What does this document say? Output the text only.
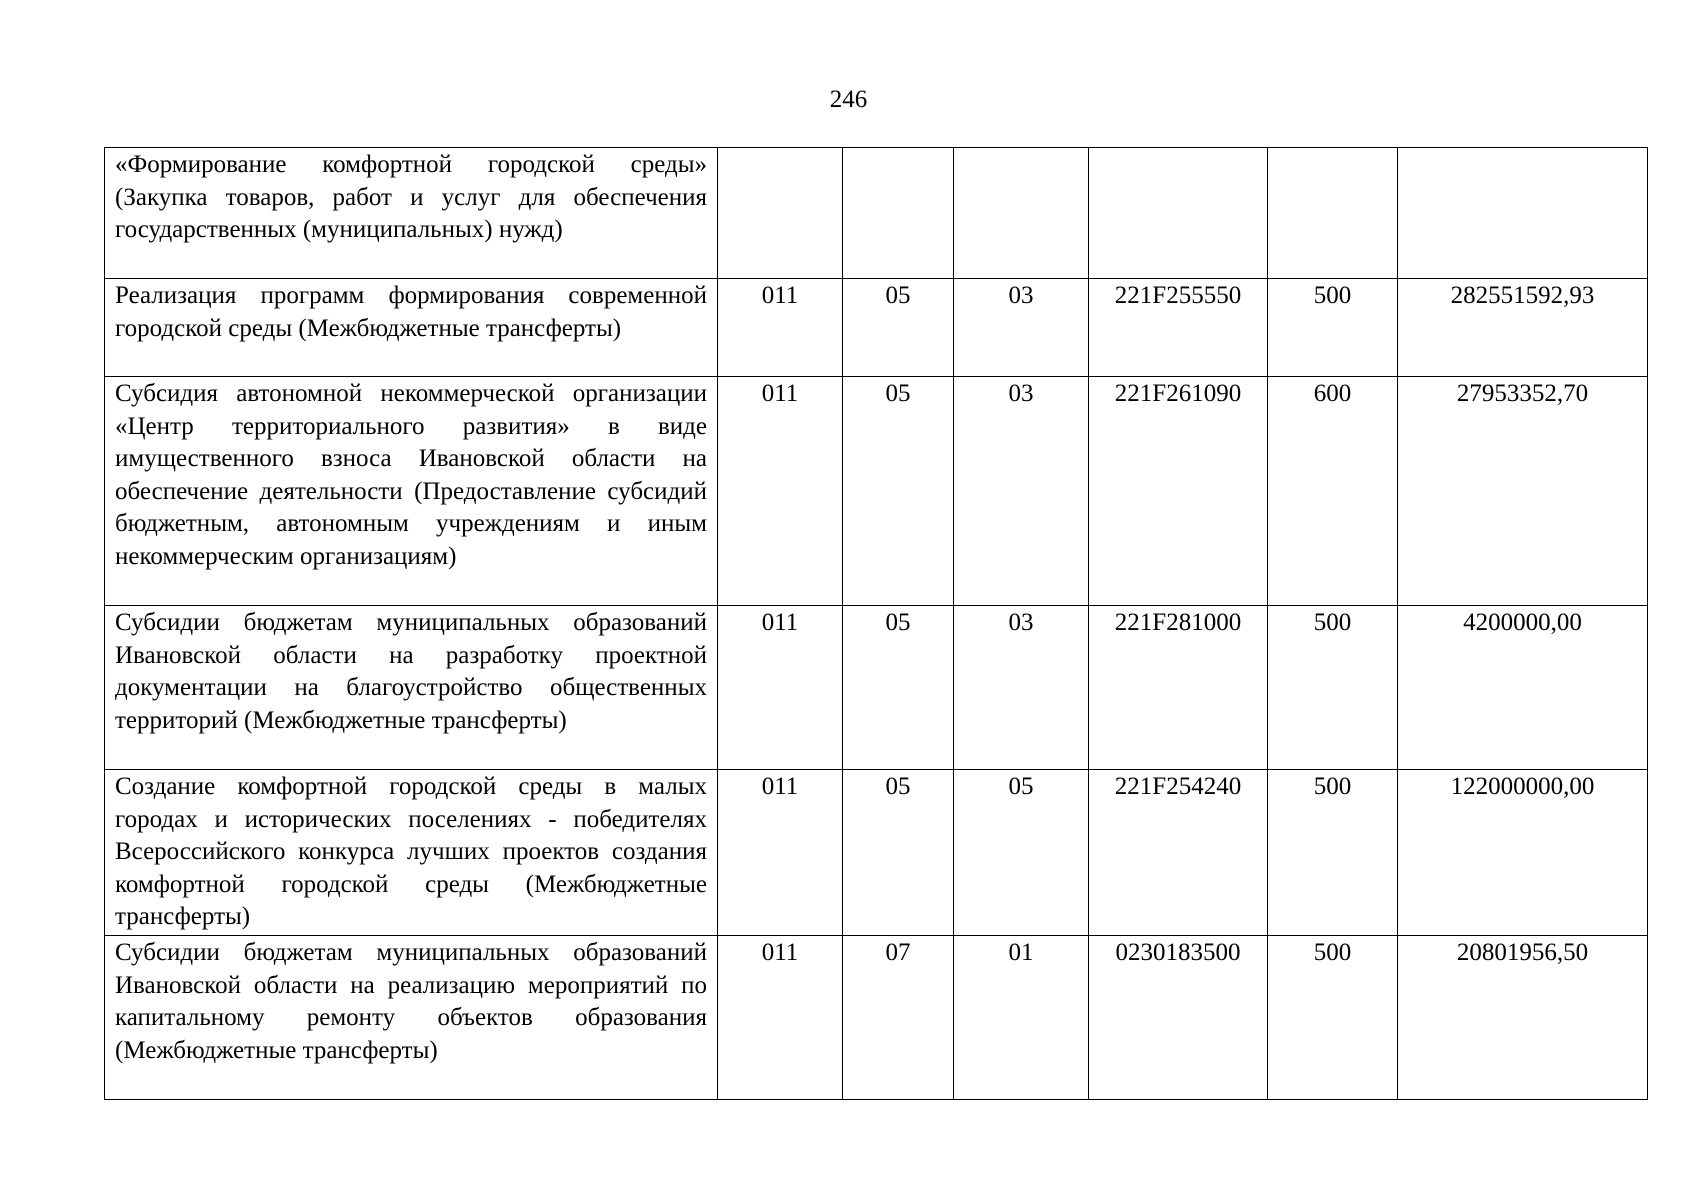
246
«Формирование комфортной городской среды» (Закупка товаров, работ и услуг для обеспечения государственных (муниципальных) нужд)						
Реализация программ формирования современной городской среды (Межбюджетные трансферты)	011	05	03	221F255550	500	282551592,93
Субсидия автономной некоммерческой организации «Центр территориального развития» в виде имущественного взноса Ивановской области на обеспечение деятельности (Предоставление субсидий бюджетным, автономным учреждениям и иным некоммерческим организациям)	011	05	03	221F261090	600	27953352,70
Субсидии бюджетам муниципальных образований Ивановской области на разработку проектной документации на благоустройство общественных территорий (Межбюджетные трансферты)	011	05	03	221F281000	500	4200000,00
Создание комфортной городской среды в малых городах и исторических поселениях - победителях Всероссийского конкурса лучших проектов создания комфортной городской среды (Межбюджетные трансферты)	011	05	05	221F254240	500	122000000,00
Субсидии бюджетам муниципальных образований Ивановской области на реализацию мероприятий по капитальному ремонту объектов образования (Межбюджетные трансферты)	011	07	01	0230183500	500	20801956,50
